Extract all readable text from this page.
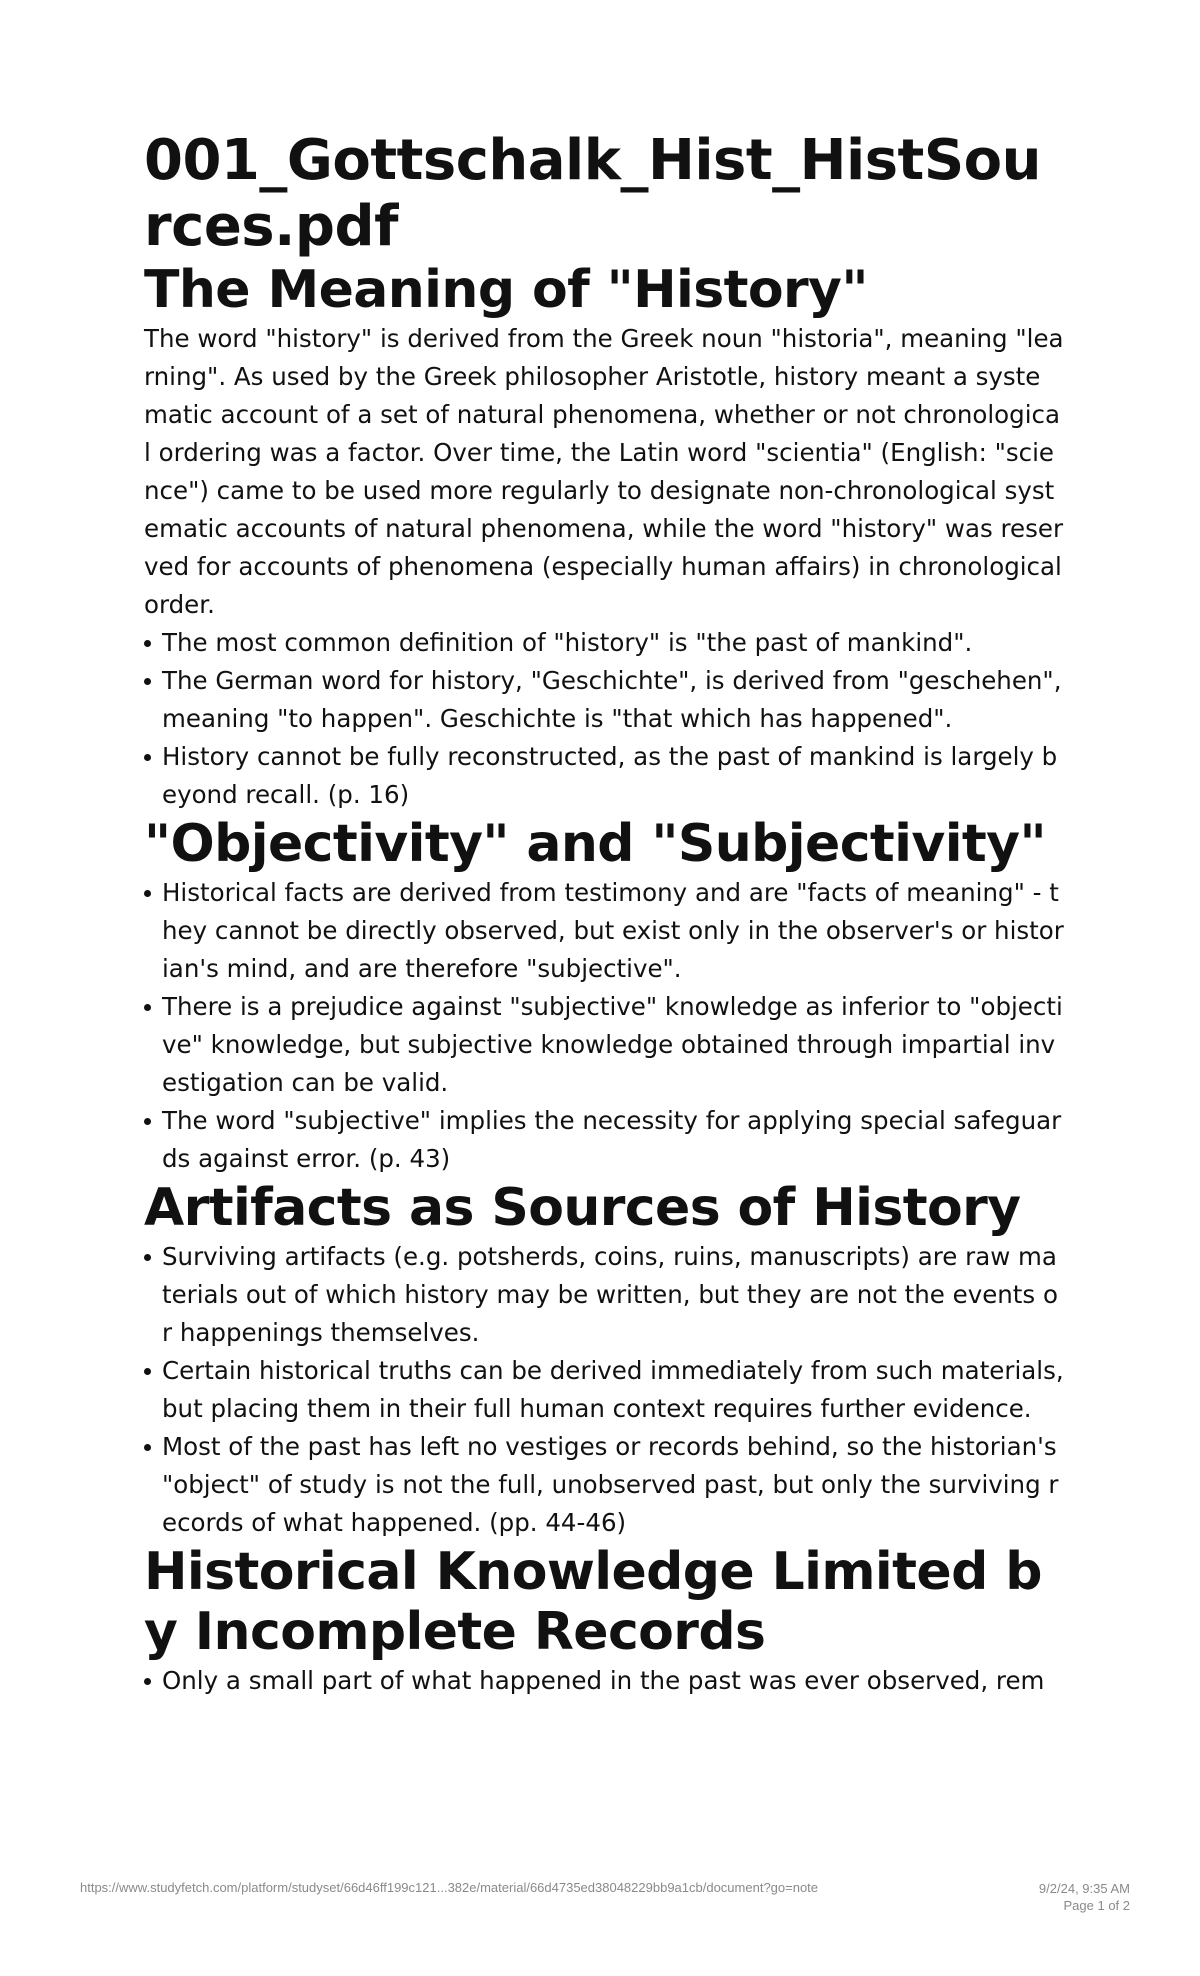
001_Gottschalk_Hist_HistSources.pdf
The Meaning of "History"

The word "history" is derived from the Greek noun "historia", meaning "learning". As used by the Greek philosopher Aristotle, history meant a systematic account of a set of natural phenomena, whether or not chronological ordering was a factor. Over time, the Latin word "scientia" (English: "science") came to be used more regularly to designate non-chronological systematic accounts of natural phenomena, while the word "history" was reserved for accounts of phenomena (especially human affairs) in chronological order.

The most common definition of "history" is "the past of mankind".
The German word for history, "Geschichte", is derived from "geschehen", meaning "to happen". Geschichte is "that which has happened".
History cannot be fully reconstructed, as the past of mankind is largely beyond recall. (p. 16)
"Objectivity" and "Subjectivity"
Historical facts are derived from testimony and are "facts of meaning" - they cannot be directly observed, but exist only in the observer's or historian's mind, and are therefore "subjective".
There is a prejudice against "subjective" knowledge as inferior to "objective" knowledge, but subjective knowledge obtained through impartial investigation can be valid.
The word "subjective" implies the necessity for applying special safeguards against error. (p. 43)
Artifacts as Sources of History
Surviving artifacts (e.g. potsherds, coins, ruins, manuscripts) are raw materials out of which history may be written, but they are not the events or happenings themselves.
Certain historical truths can be derived immediately from such materials, but placing them in their full human context requires further evidence.
Most of the past has left no vestiges or records behind, so the historian's "object" of study is not the full, unobserved past, but only the surviving records of what happened. (pp. 44-46)
Historical Knowledge Limited by Incomplete Records
Only a small part of what happened in the past was ever observed, rem
https://www.studyfetch.com/platform/studyset/66d46ff199c121...382e/material/66d4735ed38048229bb9a1cb/document?go=note	9/2/24, 9:35 AM
Page 1 of 2
